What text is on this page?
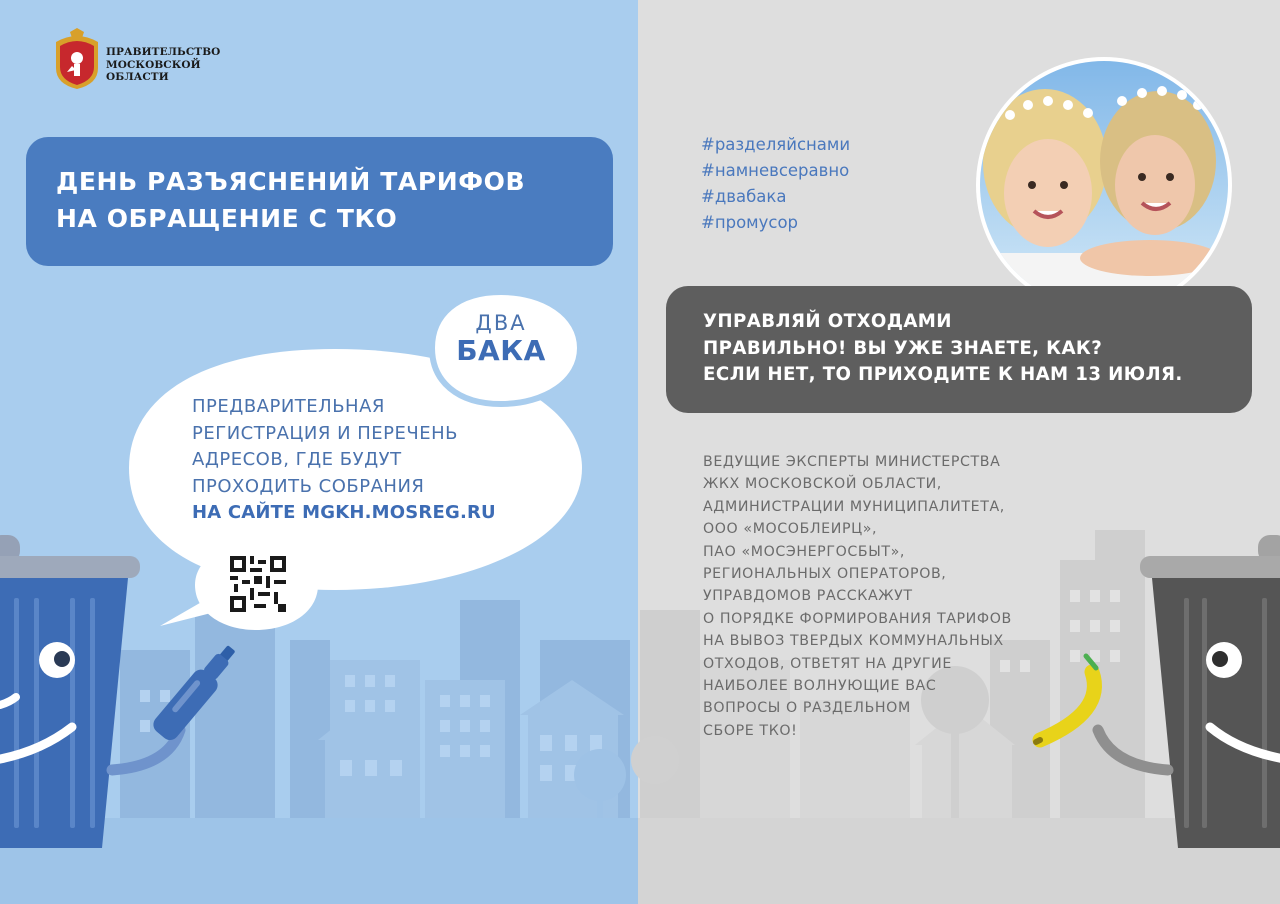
ПРАВИТЕЛЬСТВО
МОСКОВСКОЙ
ОБЛАСТИ

ДЕНЬ РАЗЪЯСНЕНИЙ ТАРИФОВ
НА ОБРАЩЕНИЕ С ТКО

ДВА

БАКА

ПРЕДВАРИТЕЛЬНАЯ
РЕГИСТРАЦИЯ И ПЕРЕЧЕНЬ
АДРЕСОВ, ГДЕ БУДУТ
ПРОХОДИТЬ СОБРАНИЯ
НА САЙТЕ MGKH.MOSREG.RU

#разделяйснами
#намневсеравно
#двабака
#промусор
УПРАВЛЯЙ ОТХОДАМИ
ПРАВИЛЬНО! ВЫ УЖЕ ЗНАЕТЕ, КАК?
ЕСЛИ НЕТ, ТО ПРИХОДИТЕ К НАМ 13 ИЮЛЯ.

ВЕДУЩИЕ ЭКСПЕРТЫ МИНИСТЕРСТВА
ЖКХ МОСКОВСКОЙ ОБЛАСТИ,
АДМИНИСТРАЦИИ МУНИЦИПАЛИТЕТА,
ООО «МОСОБЛЕИРЦ»,
ПАО «МОСЭНЕРГОСБЫТ»,
РЕГИОНАЛЬНЫХ ОПЕРАТОРОВ,
УПРАВДОМОВ РАССКАЖУТ
О ПОРЯДКЕ ФОРМИРОВАНИЯ ТАРИФОВ
НА ВЫВОЗ ТВЕРДЫХ КОММУНАЛЬНЫХ
ОТХОДОВ, ОТВЕТЯТ НА ДРУГИЕ
НАИБОЛЕЕ ВОЛНУЮЩИЕ ВАС
ВОПРОСЫ О РАЗДЕЛЬНОМ
СБОРЕ ТКО!
